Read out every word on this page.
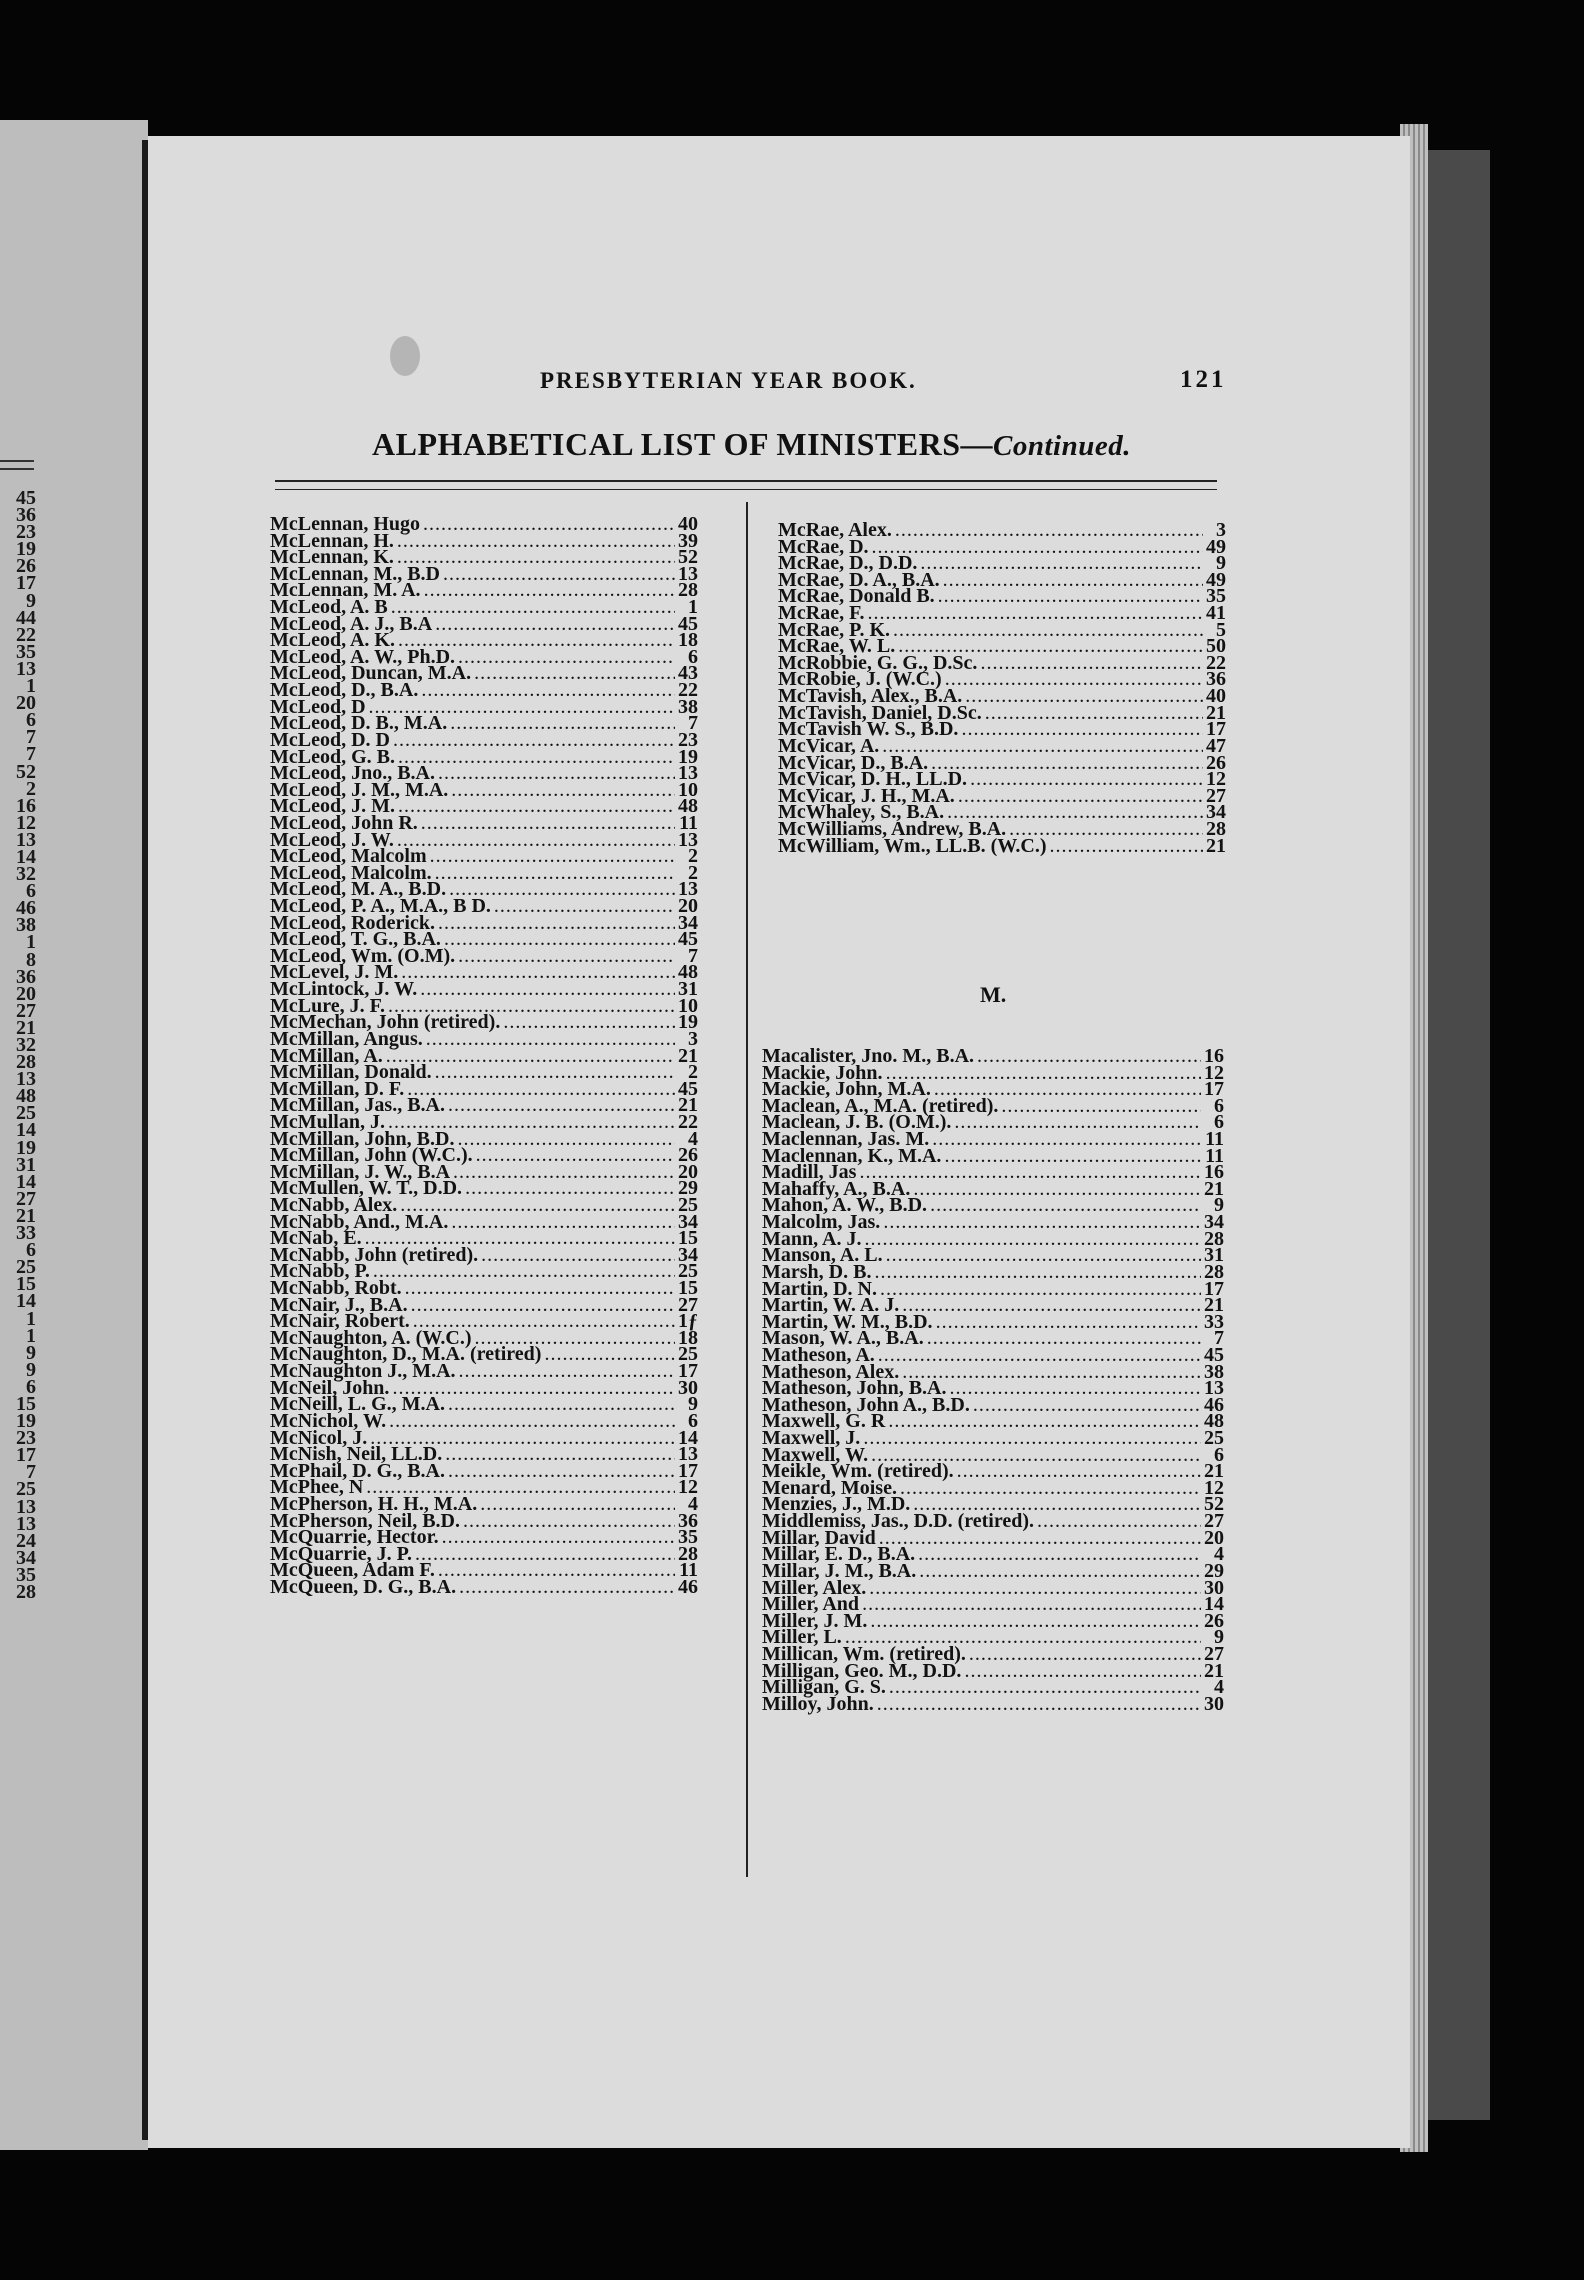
45
36
23
19
26
17
9
44
22
35
13
1
20
6
7
7
52
2
16
12
13
14
32
6
46
38
1
8
36
20
27
21
32
28
13
48
25
14
19
31
14
27
21
33
6
25
15
14
1
1
9
9
6
15
19
23
17
7
25
13
13
24
34
35
28
PRESBYTERIAN YEAR BOOK.	121
ALPHABETICAL LIST OF MINISTERS—Continued.
McLennan, Hugo .....	40
McLennan, H. .....	39
McLennan, K. .....	52
McLennan, M., B.D .....	13
McLennan, M. A. .....	28
McLeod, A. B .....	1
McLeod, A. J., B.A .....	45
McLeod, A. K. .....	18
McLeod, A. W., Ph.D. .....	6
McLeod, Duncan, M.A. .....	43
McLeod, D., B.A. .....	22
McLeod, D .....	38
McLeod, D. B., M.A. .....	7
McLeod, D. D .....	23
McLeod, G. B. .....	19
McLeod, Jno., B.A. .....	13
McLeod, J. M., M.A. .....	10
McLeod, J. M. .....	48
McLeod, John R. .....	11
McLeod, J. W. .....	13
McLeod, Malcolm .....	2
McLeod, Malcolm. .....	2
McLeod, M. A., B.D. .....	13
McLeod, P. A., M.A., B D. .....	20
McLeod, Roderick. .....	34
McLeod, T. G., B.A. .....	45
McLeod, Wm. (O.M). .....	7
McLevel, J. M. .....	48
McLintock, J. W. .....	31
McLure, J. F. .....	10
McMechan, John (retired). .....	19
McMillan, Angus. .....	3
McMillan, A. .....	21
McMillan, Donald. .....	2
McMillan, D. F. .....	45
McMillan, Jas., B.A. .....	21
McMullan, J. .....	22
McMillan, John, B.D. .....	4
McMillan, John (W.C.). .....	26
McMillan, J. W., B.A .....	20
McMullen, W. T., D.D. .....	29
McNabb, Alex. .....	25
McNabb, And., M.A. .....	34
McNab, E. .....	15
McNabb, John (retired). .....	34
McNabb, P. .....	25
McNabb, Robt. .....	15
McNair, J., B.A. .....	27
McNair, Robert. .....	1ƒ
McNaughton, A. (W.C.) .....	18
McNaughton, D., M.A. (retired) .....	25
McNaughton J., M.A. .....	17
McNeil, John. .....	30
McNeill, L. G., M.A. .....	9
McNichol, W. .....	6
McNicol, J. .....	14
McNish, Neil, LL.D. .....	13
McPhail, D. G., B.A. .....	17
McPhee, N .....	12
McPherson, H. H., M.A. .....	4
McPherson, Neil, B.D. .....	36
McQuarrie, Hector. .....	35
McQuarrie, J. P. .....	28
McQueen, Adam F. .....	11
McQueen, D. G., B.A. .....	46
McRae, Alex. .....	3
McRae, D. .....	49
McRae, D., D.D. .....	9
McRae, D. A., B.A. .....	49
McRae, Donald B. .....	35
McRae, F. .....	41
McRae, P. K. .....	5
McRae, W. L. .....	50
McRobbie, G. G., D.Sc. .....	22
McRobie, J. (W.C.) .....	36
McTavish, Alex., B.A. .....	40
McTavish, Daniel, D.Sc. .....	21
McTavish W. S., B.D. .....	17
McVicar, A. .....	47
McVicar, D., B.A. .....	26
McVicar, D. H., LL.D. .....	12
McVicar, J. H., M.A. .....	27
McWhaley, S., B.A. .....	34
McWilliams, Andrew, B.A. .....	28
McWilliam, Wm., LL.B. (W.C.) .....	21
M.
Macalister, Jno. M., B.A. .....	16
Mackie, John. .....	12
Mackie, John, M.A. .....	17
Maclean, A., M.A. (retired). .....	6
Maclean, J. B. (O.M.). .....	6
Maclennan, Jas. M. .....	11
Maclennan, K., M.A. .....	11
Madill, Jas .....	16
Mahaffy, A., B.A. .....	21
Mahon, A. W., B.D. .....	9
Malcolm, Jas. .....	34
Mann, A. J. .....	28
Manson, A. L. .....	31
Marsh, D. B. .....	28
Martin, D. N. .....	17
Martin, W. A. J. .....	21
Martin, W. M., B.D. .....	33
Mason, W. A., B.A. .....	7
Matheson, A. .....	45
Matheson, Alex. .....	38
Matheson, John, B.A. .....	13
Matheson, John A., B.D. .....	46
Maxwell, G. R .....	48
Maxwell, J. .....	25
Maxwell, W. .....	6
Meikle, Wm. (retired). .....	21
Menard, Moise. .....	12
Menzies, J., M.D. .....	52
Middlemiss, Jas., D.D. (retired). .....	27
Millar, David .....	20
Millar, E. D., B.A. .....	4
Millar, J. M., B.A. .....	29
Miller, Alex. .....	30
Miller, And .....	14
Miller, J. M. .....	26
Miller, L. .....	9
Millican, Wm. (retired). .....	27
Milligan, Geo. M., D.D. .....	21
Milligan, G. S. .....	4
Milloy, John. .....	30
